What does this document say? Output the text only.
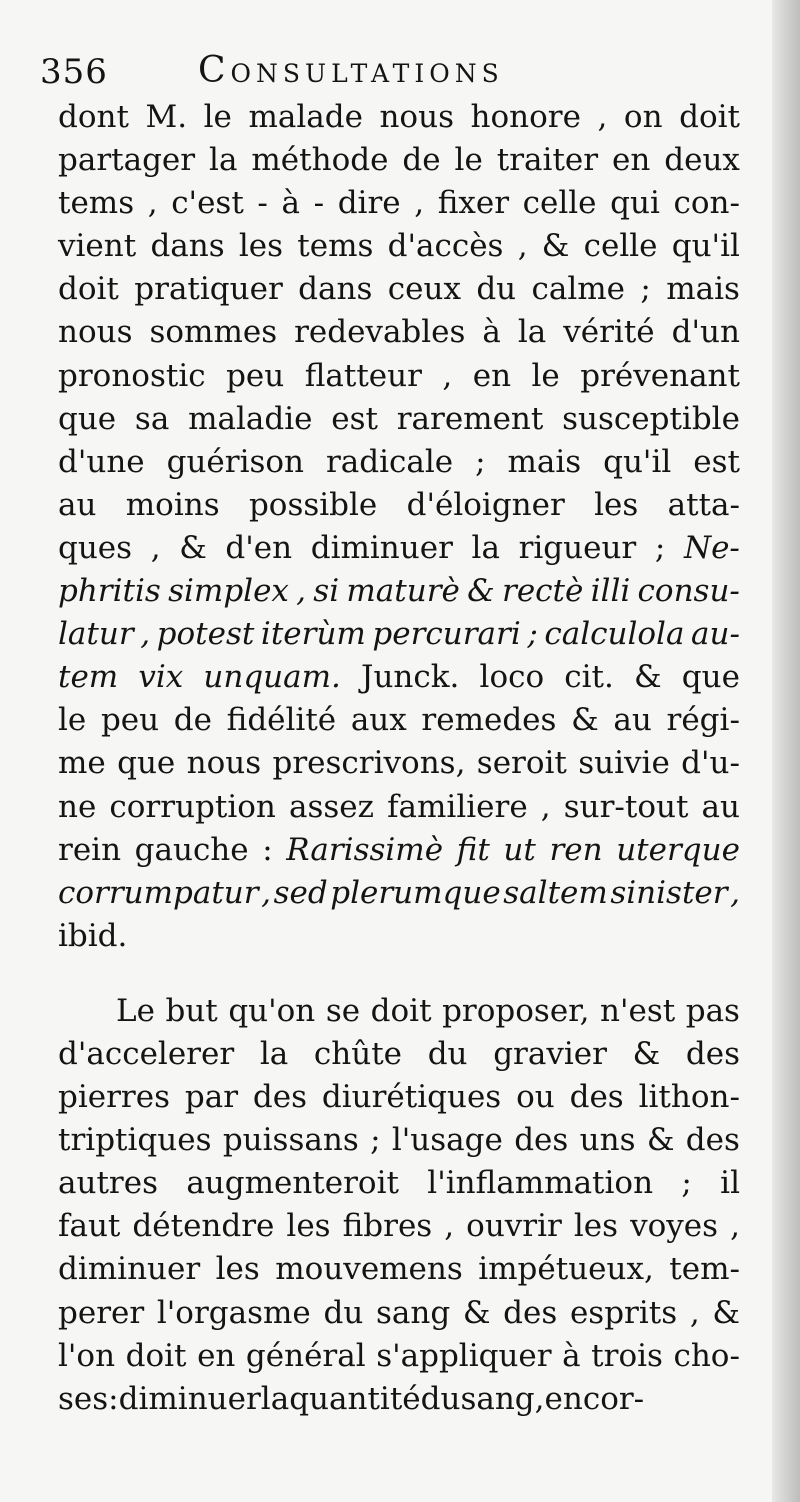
356	Consultations
dont M. le malade nous honore , on doit
partager la méthode de le traiter en deux
tems , c'est - à - dire , fixer celle qui con-
vient dans les tems d'accès , & celle qu'il
doit pratiquer dans ceux du calme ; mais
nous sommes redevables à la vérité d'un
pronostic peu flatteur , en le prévenant
que sa maladie est rarement susceptible
d'une guérison radicale ; mais qu'il est
au moins possible d'éloigner les atta-
ques , & d'en diminuer la rigueur ; Ne-
phritis simplex , si maturè & rectè illi consu-
latur , potest iterùm percurari ; calculola au-
tem vix unquam. Junck. loco cit. & que
le peu de fidélité aux remedes & au régi-
me que nous prescrivons, seroit suivie d'u-
ne corruption assez familiere , sur-tout au
rein gauche : Rarissimè fit ut ren uterque
corrumpatur , sed plerumque saltem sinister ,
ibid.
Le but qu'on se doit proposer, n'est pas
d'accelerer la chûte du gravier & des
pierres par des diurétiques ou des lithon-
triptiques puissans ; l'usage des uns & des
autres augmenteroit l'inflammation ; il
faut détendre les fibres , ouvrir les voyes ,
diminuer les mouvemens impétueux, tem-
perer l'orgasme du sang & des esprits , &
l'on doit en général s'appliquer à trois cho-
ses : diminuer la quantité du sang , en cor-
